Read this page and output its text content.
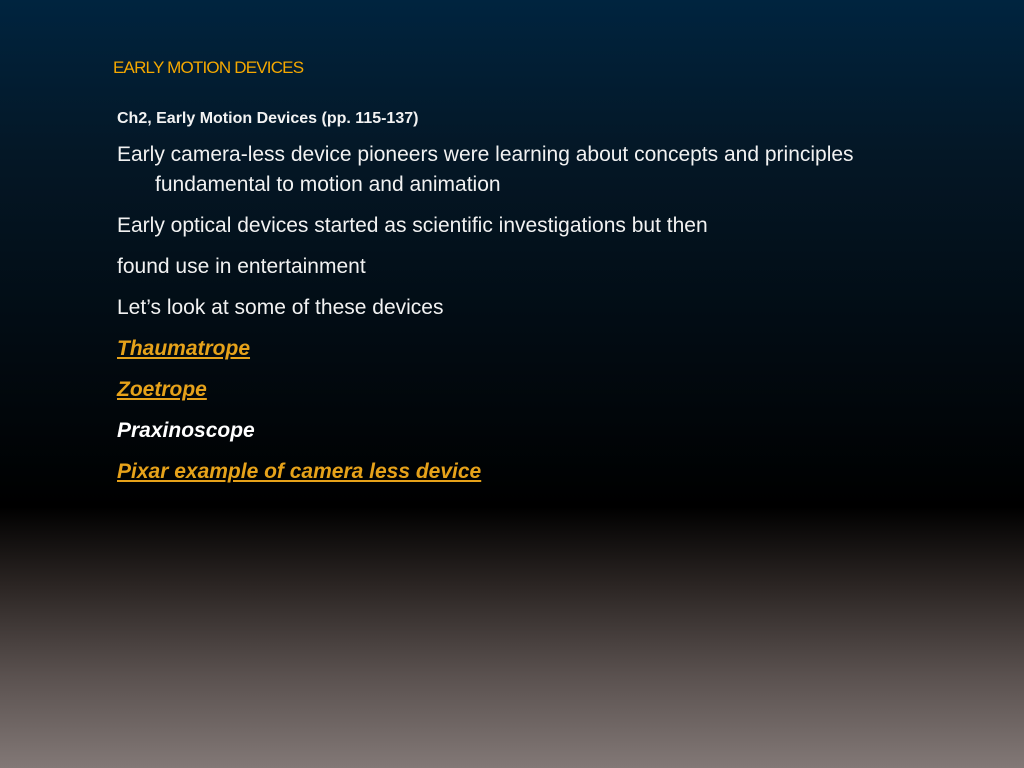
EARLY MOTION DEVICES
Ch2, Early Motion Devices (pp. 115-137)
Early camera-less device pioneers were learning about concepts and principles fundamental to motion and animation
Early optical devices started as scientific investigations but then
found use in entertainment
Let’s look at some of these devices
Thaumatrope
Zoetrope
Praxinoscope
Pixar example of camera less device
